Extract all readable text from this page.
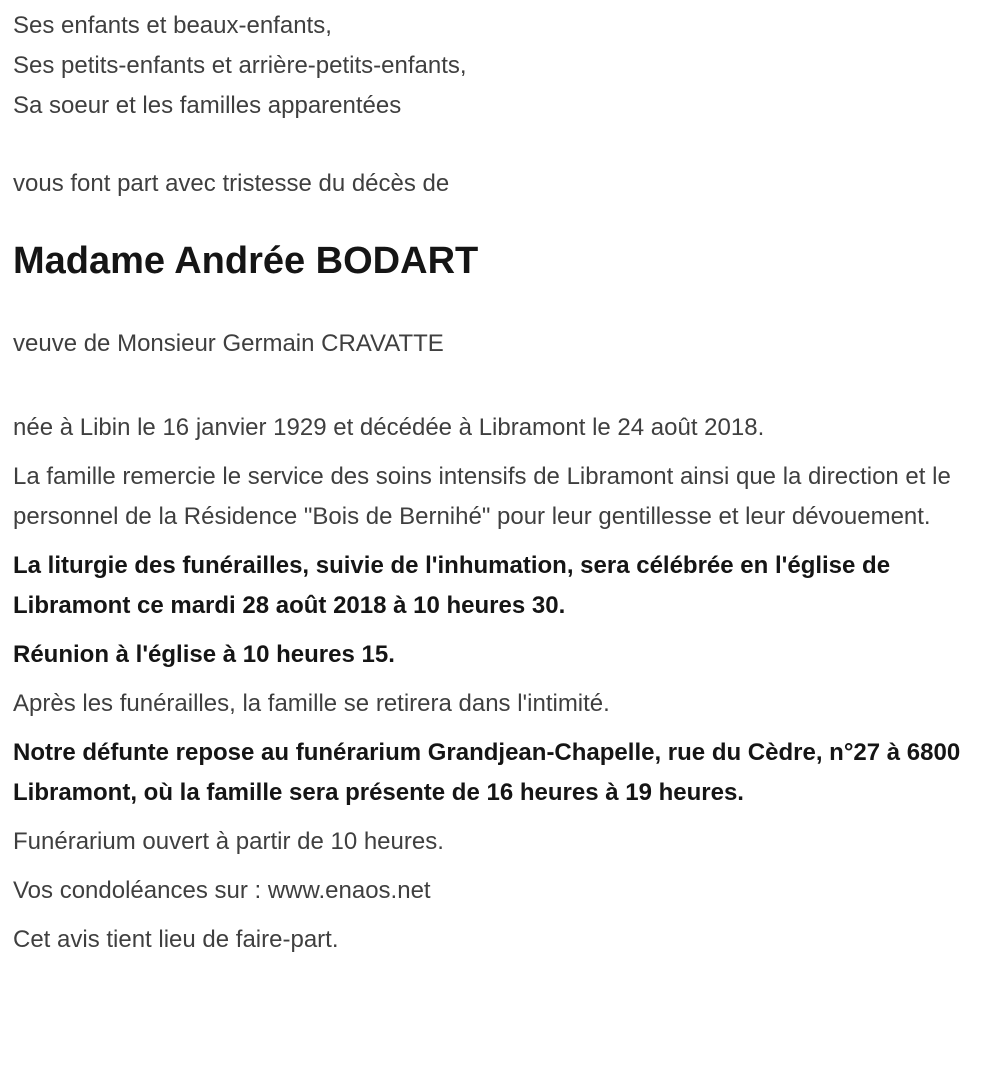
Ses enfants et beaux-enfants,

Ses petits-enfants et arrière-petits-enfants,

Sa soeur et les familles apparentées

vous font part avec tristesse du décès de

Madame Andrée BODART

veuve de Monsieur Germain CRAVATTE

née à Libin le 16 janvier 1929 et décédée à Libramont le 24 août 2018.

La famille remercie le service des soins intensifs de Libramont ainsi que la direction et le personnel de la Résidence "Bois de Bernihé" pour leur gentillesse et leur dévouement.

La liturgie des funérailles, suivie de l'inhumation, sera célébrée en l'église de Libramont ce mardi 28 août 2018 à 10 heures 30.

Réunion à l'église à 10 heures 15.

Après les funérailles, la famille se retirera dans l'intimité.

Notre défunte repose au funérarium Grandjean-Chapelle, rue du Cèdre, n°27 à 6800 Libramont, où la famille sera présente de 16 heures à 19 heures.

Funérarium ouvert à partir de 10 heures.

Vos condoléances sur : www.enaos.net

Cet avis tient lieu de faire-part.
